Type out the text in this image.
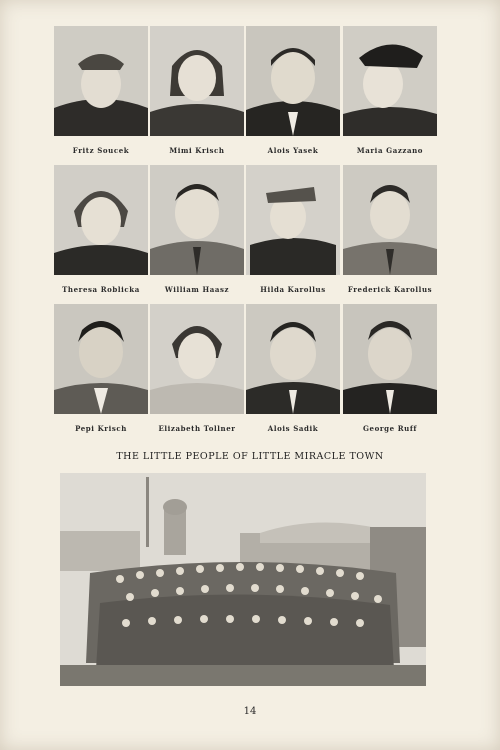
Fritz Soucek	Mimi Krisch	Alois Yasek	Maria Gazzano
Theresa Roblicka	William Haasz	Hilda Karollus	Frederick Karollus
Pepi Krisch	Elizabeth Tollner	Alois Sadik	George Ruff
THE LITTLE PEOPLE OF LITTLE MIRACLE TOWN
14
